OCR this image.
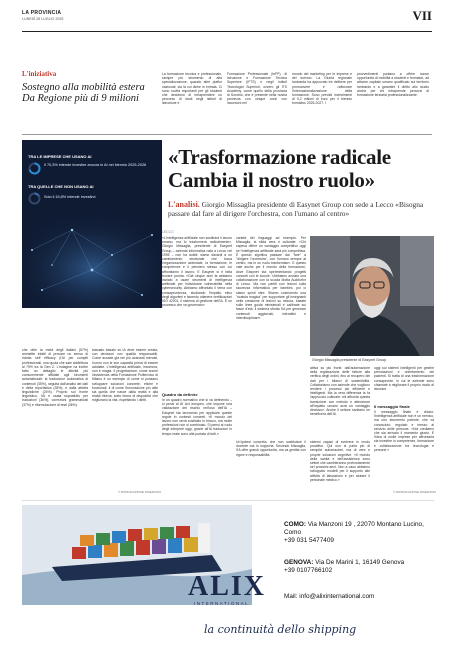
LA PROVINCIA
LUNEDÌ 28 LUGLIO 2025	VII
L'iniziativa
Sostegno alla mobilità estera Da Regione più di 9 milioni
La formazione tecnica e professionale, sempre più strumento di alta specializzazione, quando altre platfor nazionali, sia là cui diche in entrata. Ci sono novità importanti per gli studenti che decidono di intraprendere un percorso di studi negli istituti di istruzione e
Formazione Professionale (IeFP), di Istruzione e Formazione Tecnica Superiore (IFTS) e negli Istituti Tecnologici Superiori, ovvero gli ITS Academy, come quello della provincia di Sondrio, che è presente nella nostra provincia con cinque corsi con incursioni nel
mondo del marketing per le imprese e del turismo. La Giunta regionale lombarda ha approvato tre delibere per promuovere e rafforzare l'internazionalizzazione della formazione. Sono previsti investimenti di 9,2 milioni di euro per il biennio formativo 2025-2027. I
provvedimenti puntano a offrire nuove opportunità di mobilità a studenti e formatori, ad attrarre capitale umano qualificato sul territorio lombardo e a garantire il diritto allo studio anche per chi intraprende percorsi di formazione terziaria professionalizzante.
TRA LE IMPRESE CHE USANO AI
Il 70,3% intende investire ancora in AI nel biennio 2025-2026
TRA QUELLE CHE NON USANO AI
Solo il 15,8% intende investirvi
«Trasformazione radicale Cambia il nostro ruolo»
L'analisi. Giorgio Missaglia presidente di Easynet Group con sede a Lecco «Bisogna passare dal fare al dirigere l'orchestra, con l'umano al centro»
che oltre la metà degli italiani (57%) ammette infatti di provare un senso di ridotta self efficacy (l'AI per compiti professionali, una quota che sale addirittura al 79% tra la Gen Z. L'indagine ha inoltre fatto un dettaglio le attività più comunemente affidate agli strumenti automatizzati: la traduzione automatica di contenuti (35%), seguita dall'analisi dei dati e della reportistica (28%), e dalla attività linguistiche (24%). Proprio sul fronte linguistico, l'AI è usata soprattutto per traduzioni (36%), correzioni grammaticali (37%) e riformulazione di testi (36%).
trasuato basato su IA deve essere creata, con decisioni con qualità responsabili. Come accade già nei più avanzati mercati, l'uomo con le sue capacità prima di essere adottate. L'intelligenza artificiale, insomma, non è magia. Il progettazione, come anche l'assistenza della Fondazione Politecnico di Milano è un esempio di come si possano sviluppare soluzioni concrete, etiche e funzionali. Il di come l'innovazione più utile sia quella che nasce dalla realtà e alla realtà ritorna, sotto forma di dispositivi che migliorano la vita, rispettando i diritti.
© RIPRODUZIONE RISERVATA
LECCO
«L'intelligenza artificiale non sostituirà il lavoro umano, ma lo trasformerà radicalmente». Giorgio Missaglia, presidente di Easynet Group – azienda informatica nata a Lecco nel 1995 – non ha dubbi: siamo davanti a un cambiamento strutturale che tocca l'organizzazione aziendale, la formazione, le competenze e il pensiero stesso con cui affrontiamo il lavoro. E Easynet si è fatta trovare pronta. «Già cinque anni fa abbiamo iniziato a usare strumenti di intelligenza artificiale per individuare vulnerabilità nella cybersecurity. Abbiamo affrontato il tema con consapevolezza, studiando l'impatto etico degli algoritmi e facendo ottenere certificazioni ISO 42001, il sistema di gestione dell'IA. È un processo che va governato».
Quadro da definire
In un quadro normativo che si va definendo – si pensi al AI Act europeo, che impone una valutazione del rischio nell'uso dell'IA – Easynet sta lavorando per applicare queste regole in contesti concreti. «Il mondo del lavoro non verrà sostituito in blocco, ma molte professioni non si combinato. Si pensi al ruolo degli interpreti oggi, grazie all'IA traduzioni in tempo reale sono alla portata di tutti.»
varietà dei linguaggi ad esempio. Per Missaglia, la sfida vera è culturale: «Chi sapeva offrire un vantaggio competitivo oggi se l'intelligenza artificiale sarà più competitiva. È questo significa passare dal "fare" a "dirigere l'orchestra", con l'umano sempre al centro, ma in un ruolo trasformato». E questo vale anche per il mondo della formazione, dove Easynet sta sperimentando progetti concreti con le scuole. «Abbiamo avviato una collaborazione con la scuola Motta Auditorfor di Lecco. Ma non partiti con lezioni sulla sicurezza informatica per bambini, poi ci siamo spinti oltre. Stiamo costruendo una "scatola magica" per supportare gli insegnanti nella creazione di lezioni su misura, basate sulle linee guida ministeriali e calibrate sui fasce d'età. Il sistema sfrutta l'IA per generare contenuti aggiornati, interattivi e interdisciplinari».
Un'ipotesi concreta, che non sostituisce il docente ma lo supporta. Secondo Missaglia, l'IA offre grandi opportunità, ma va gestita con rigore e responsabilità.
Giorgio Missaglia presidente di Easynet Group
attiva su più fronti: dall'automazione della registrazione delle fatture alla verifica degli ordini, fino ai recupero dei dati per i bilanci di sostenibilità. Collaboriamo con aziende che vogliono rendere i processi più efficienti e intelligenti. Ma la vera differenza la fa l'approccio culturale: chi affronta questa transizione con metodo e attenzione all'impatto umano avrà un vantaggio decisivo». Anche il settore sanitario ne beneficerà dell'AI.
sistemi capaci di evolvere in modo proattivo. Qui non si parla più di semplici automazioni, ma di vere e proprie soluzioni cognitive. «Il mondo della sanità e dell'assistenza sono settori che cambieranno profondamente nei prossimi anni. Non a caso abbiamo sviluppato modelli per il supporto alle attività di laboratorio e per aiutare il personale medico.»
oggi sui sistemi intelligenti per gestire prenotazioni e orientamento dei pazienti. Si tratta di una trasformazione consapevole, in cui le aziende sono chiamate a migliorare il proprio modo di lavorare.
Il messaggio finale
Il messaggio finale è chiaro: l'intelligenza artificiale non è un nemico, ma uno strumento potente, che va conosciuto, regolato e messo al servizio delle persone. «Noi crediamo che sia arrivato il momento giusto. E l'idea di molte imprese per affrontarla sia investire in competenze, formazione e collaborazione tra tecnologia e persone.»
© RIPRODUZIONE RISERVATA
ALIX
INTERNATIONAL
la continuità dello shipping
COMO: Via Manzoni 19 , 22070 Montano Lucino, Como
+39 031 5477409
GENOVA: Via De Marini 1, 16149 Genova
+39 0107766102
Mail: info@alixinternational.com
